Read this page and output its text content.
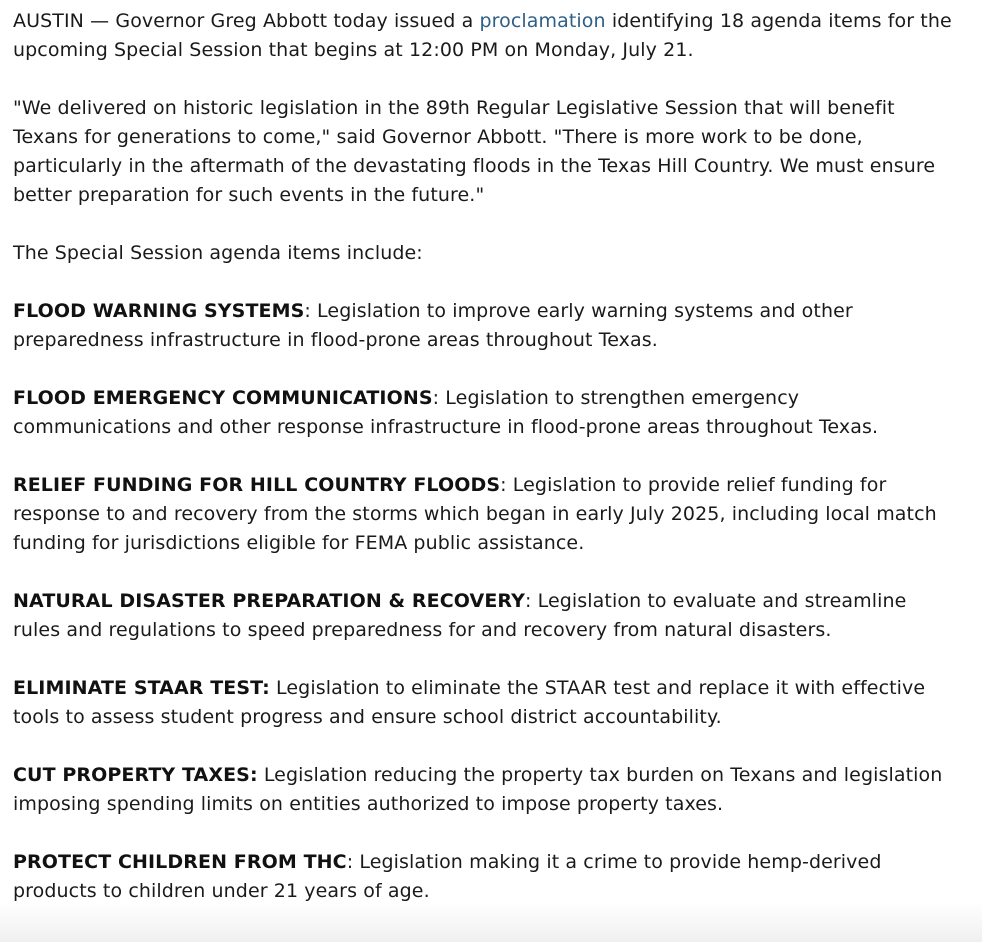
AUSTIN — Governor Greg Abbott today issued a proclamation identifying 18 agenda items for the upcoming Special Session that begins at 12:00 PM on Monday, July 21.

"We delivered on historic legislation in the 89th Regular Legislative Session that will benefit Texans for generations to come," said Governor Abbott. "There is more work to be done, particularly in the aftermath of the devastating floods in the Texas Hill Country. We must ensure better preparation for such events in the future."

The Special Session agenda items include:

FLOOD WARNING SYSTEMS: Legislation to improve early warning systems and other preparedness infrastructure in flood-prone areas throughout Texas.

FLOOD EMERGENCY COMMUNICATIONS: Legislation to strengthen emergency communications and other response infrastructure in flood-prone areas throughout Texas.

RELIEF FUNDING FOR HILL COUNTRY FLOODS: Legislation to provide relief funding for response to and recovery from the storms which began in early July 2025, including local match funding for jurisdictions eligible for FEMA public assistance.

NATURAL DISASTER PREPARATION & RECOVERY: Legislation to evaluate and streamline rules and regulations to speed preparedness for and recovery from natural disasters.

ELIMINATE STAAR TEST: Legislation to eliminate the STAAR test and replace it with effective tools to assess student progress and ensure school district accountability.

CUT PROPERTY TAXES: Legislation reducing the property tax burden on Texans and legislation imposing spending limits on entities authorized to impose property taxes.

PROTECT CHILDREN FROM THC: Legislation making it a crime to provide hemp-derived products to children under 21 years of age.
